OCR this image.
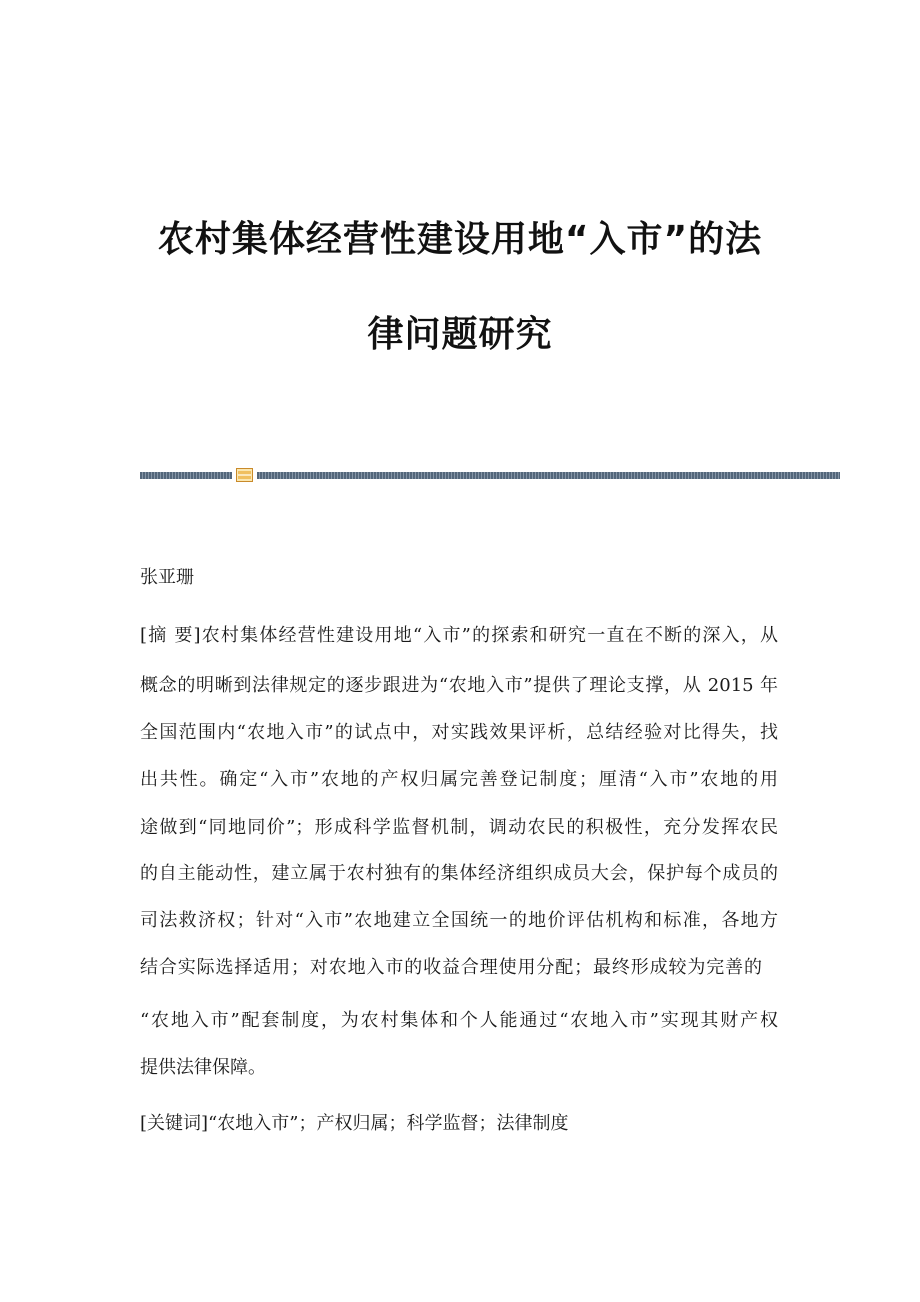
农村集体经营性建设用地“入市”的法
律问题研究
张亚珊
[摘 要]农村集体经营性建设用地“入市”的探索和研究一直在不断的深入，从
概念的明晰到法律规定的逐步跟进为“农地入市”提供了理论支撑，从 2015 年
全国范围内“农地入市”的试点中，对实践效果评析，总结经验对比得失，找
出共性。确定“入市”农地的产权归属完善登记制度；厘清“入市”农地的用
途做到“同地同价”；形成科学监督机制，调动农民的积极性，充分发挥农民
的自主能动性，建立属于农村独有的集体经济组织成员大会，保护每个成员的
司法救济权；针对“入市”农地建立全国统一的地价评估机构和标准，各地方
结合实际选择适用；对农地入市的收益合理使用分配；最终形成较为完善的
“农地入市”配套制度，为农村集体和个人能通过“农地入市”实现其财产权
提供法律保障。
[关键词]“农地入市”；产权归属；科学监督；法律制度
